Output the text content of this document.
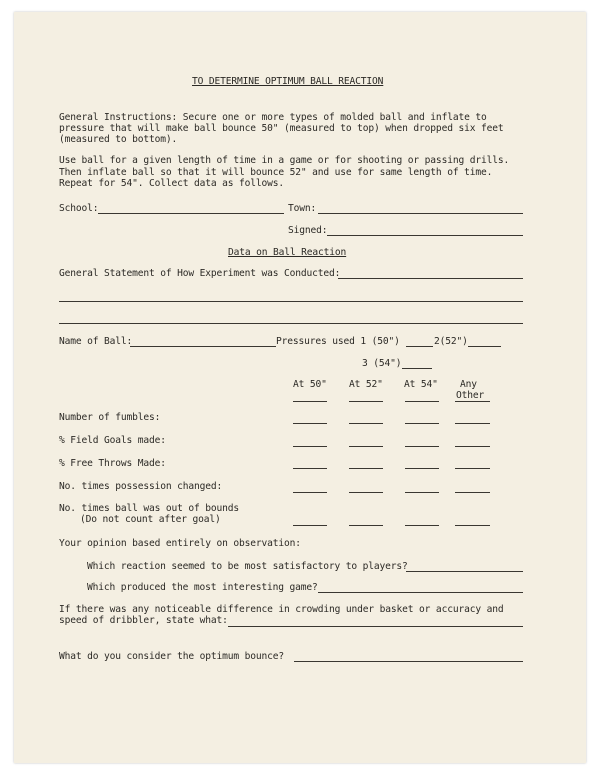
TO DETERMINE OPTIMUM BALL REACTION
General Instructions: Secure one or more types of molded ball and inflate to
pressure that will make ball bounce 50" (measured to top) when dropped six feet
(measured to bottom).
Use ball for a given length of time in a game or for shooting or passing drills.
Then inflate ball so that it will bounce 52" and use for same length of time.
Repeat for 54". Collect data as follows.
School:	Town:
Signed:
Data on Ball Reaction
General Statement of How Experiment was Conducted:
Name of Ball:	Pressures used 1 (50")	2(52")
3 (54")
At 50" At 52" At 54" Any
Other
Number of fumbles:
% Field Goals made:
% Free Throws Made:
No. times possession changed:
No. times ball was out of bounds
(Do not count after goal)
Your opinion based entirely on observation:
Which reaction seemed to be most satisfactory to players?
Which produced the most interesting game?
If there was any noticeable difference in crowding under basket or accuracy and
speed of dribbler, state what:
What do you consider the optimum bounce?
